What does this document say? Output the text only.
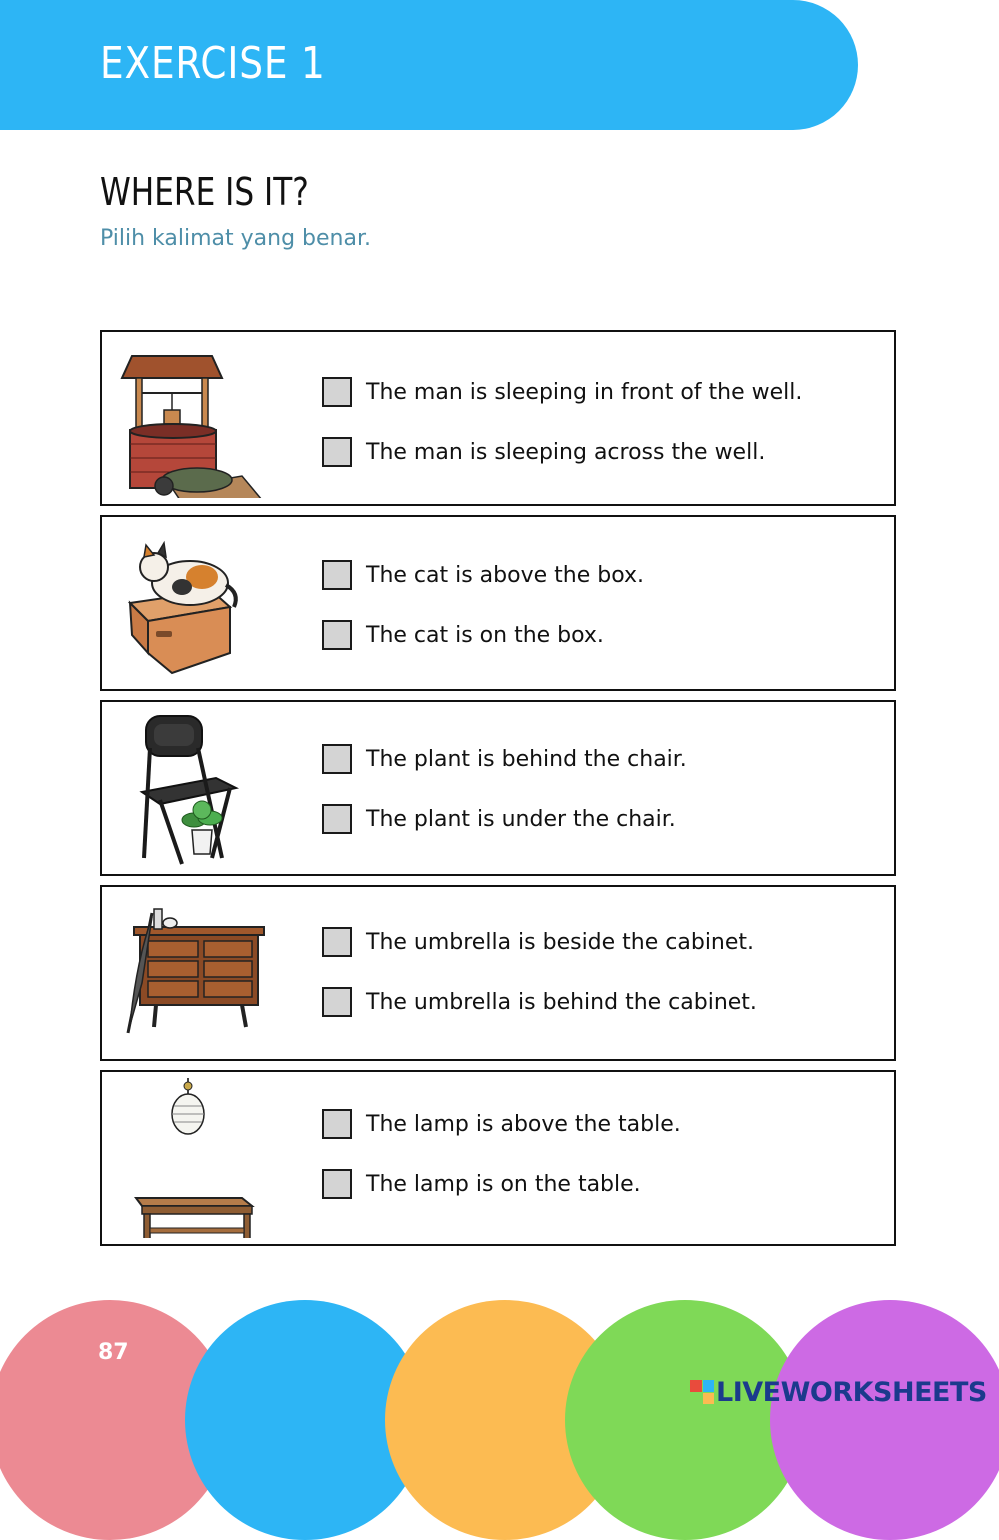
EXERCISE 1
WHERE IS IT?
Pilih kalimat yang benar.
The man is sleeping in front of the well.
The man is sleeping across the well.
The cat is above the box.
The cat is on the box.
The plant is behind the chair.
The plant is under the chair.
The umbrella is beside the cabinet.
The umbrella is behind the cabinet.
The lamp is above the table.
The lamp is on the table.
87
LIVEWORKSHEETS
